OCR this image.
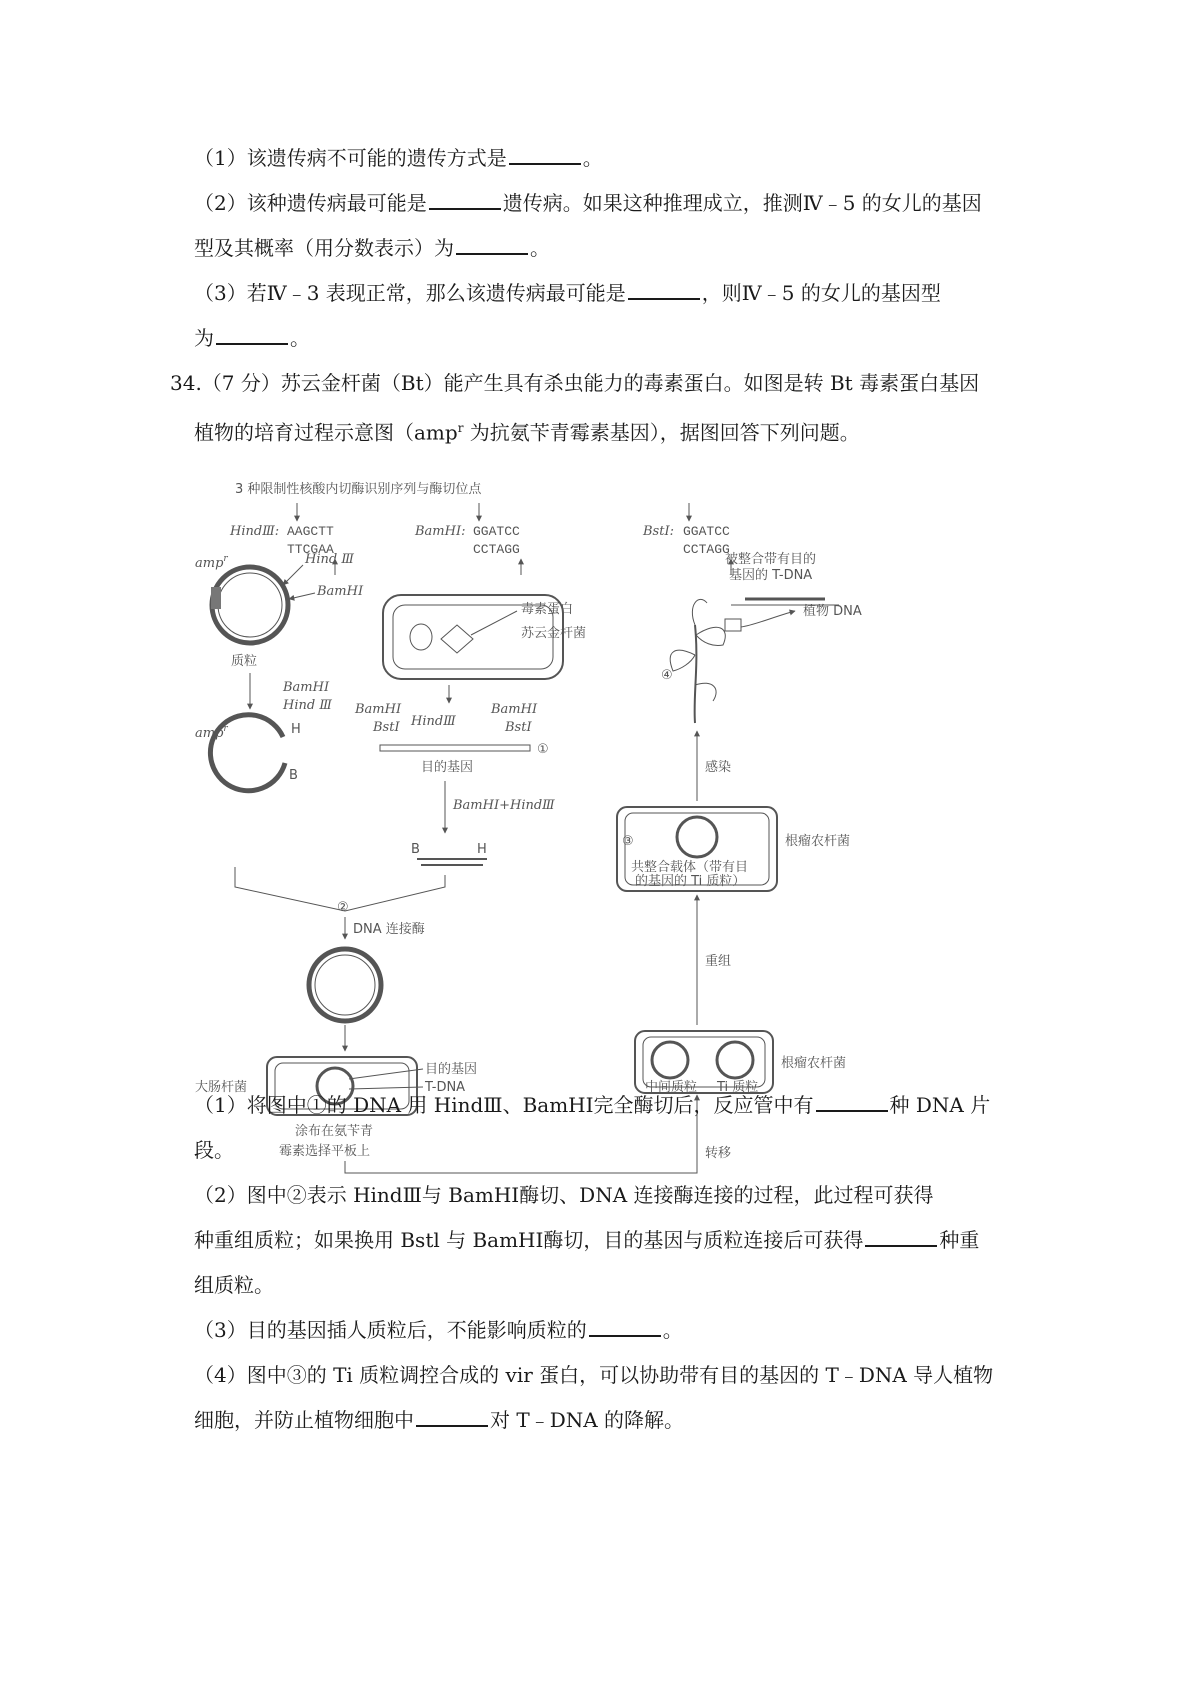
（1）该遗传病不可能的遗传方式是	。
（2）该种遗传病最可能是	遗传病。如果这种推理成立，推测Ⅳ﹣5 的女儿的基因
型及其概率（用分数表示）为	。
（3）若Ⅳ﹣3 表现正常，那么该遗传病最可能是	，则Ⅳ﹣5 的女儿的基因型
为	。
34.（7 分）苏云金杆菌（Bt）能产生具有杀虫能力的毒素蛋白。如图是转 Bt 毒素蛋白基因
植物的培育过程示意图（amp$^r$ 为抗氨苄青霉素基因），据图回答下列问题。
3 种限制性核酸内切酶识别序列与酶切位点
HindⅢ: AAGCTT
TTCGAA
BamHⅠ: GGATCC
CCTAGG
BstⅠ: GGATCC
CCTAGG
amp$^r$	Hind Ⅲ
BamHⅠ
质粒
BamHⅠ
Hind Ⅲ
amp$^r$	H
B
毒素蛋白
苏云金杆菌
BamHⅠ
BstⅠ HindⅢ
BamHⅠ
BstⅠ
①
目的基因
BamHⅠ+HindⅢ
B	H
②
DNA 连接酶
大肠杆菌
目的基因
T-DNA
涂布在氨苄青
霉素选择平板上	转移
中间质粒 Ti 质粒
根瘤农杆菌
重组
③
共整合载体（带有目
的基因的 Ti 质粒）
根瘤农杆菌
感染
④
被整合带有目的
基因的 T-DNA
植物 DNA
（1）将图中①的 DNA 用 HindⅢ、BamHⅠ完全酶切后，反应管中有	种 DNA 片
段。
（2）图中②表示 HindⅢ与 BamHⅠ酶切、DNA 连接酶连接的过程，此过程可获得
种重组质粒；如果换用 Bstl 与 BamHⅠ酶切，目的基因与质粒连接后可获得	种重
组质粒。
（3）目的基因插人质粒后，不能影响质粒的	。
（4）图中③的 Ti 质粒调控合成的 vir 蛋白，可以协助带有目的基因的 T﹣DNA 导人植物
细胞，并防止植物细胞中	对 T﹣DNA 的降解。
